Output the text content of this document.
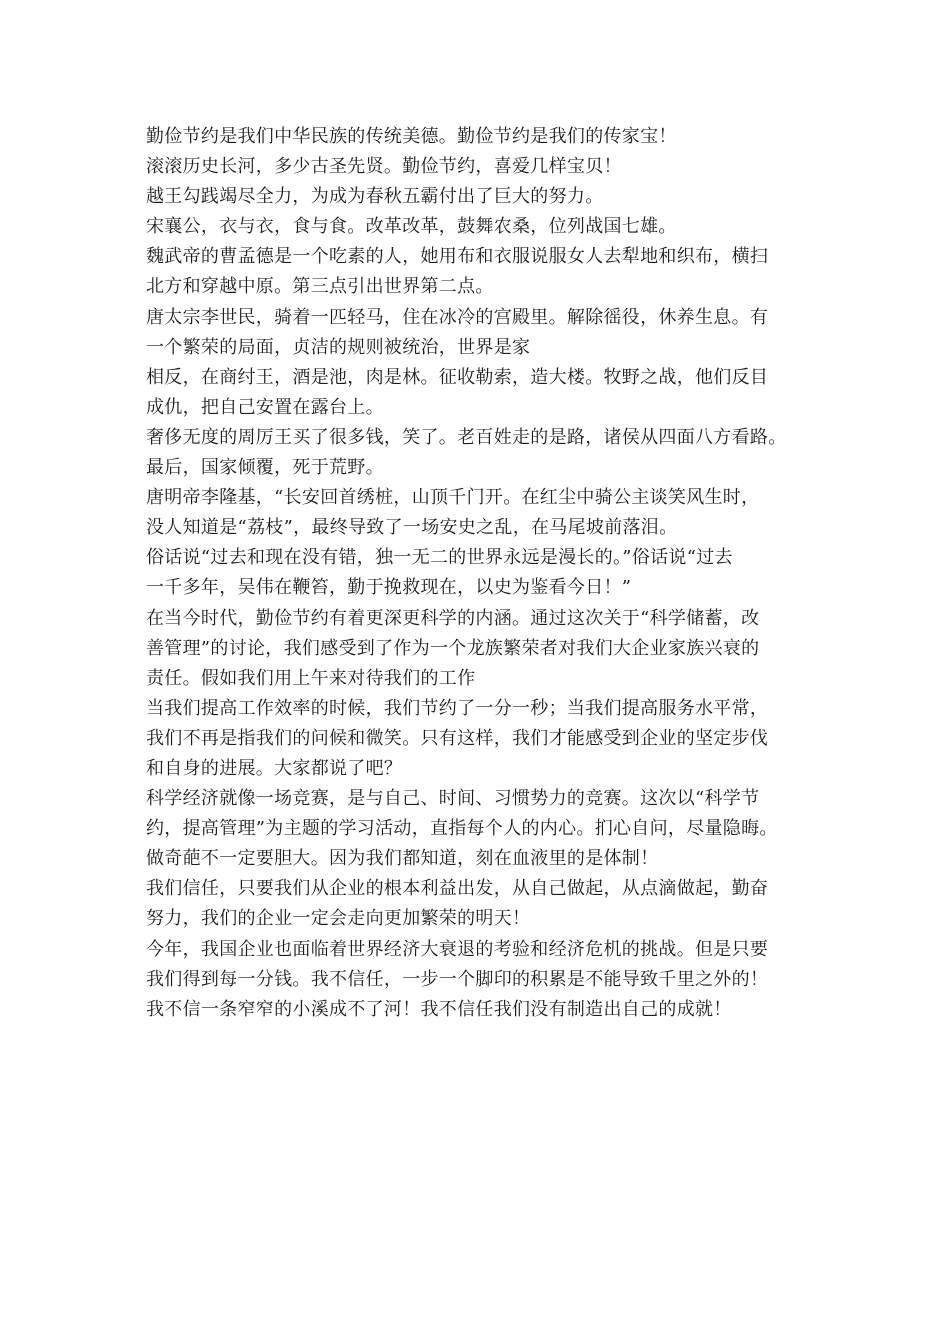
勤俭节约是我们中华民族的传统美德。勤俭节约是我们的传家宝！
滚滚历史长河，多少古圣先贤。勤俭节约，喜爱几样宝贝！
越王勾践竭尽全力，为成为春秋五霸付出了巨大的努力。
宋襄公，衣与衣，食与食。改革改革，鼓舞农桑，位列战国七雄。
魏武帝的曹孟德是一个吃素的人，她用布和衣服说服女人去犁地和织布，横扫
北方和穿越中原。第三点引出世界第二点。
唐太宗李世民，骑着一匹轻马，住在冰冷的宫殿里。解除徭役，休养生息。有
一个繁荣的局面，贞洁的规则被统治，世界是家
相反，在商纣王，酒是池，肉是林。征收勒索，造大楼。牧野之战，他们反目
成仇，把自己安置在露台上。
奢侈无度的周厉王买了很多钱，笑了。老百姓走的是路，诸侯从四面八方看路。
最后，国家倾覆，死于荒野。
唐明帝李隆基，“长安回首绣桩，山顶千门开。在红尘中骑公主谈笑风生时，
没人知道是“荔枝”，最终导致了一场安史之乱，在马尾坡前落泪。
俗话说“过去和现在没有错，独一无二的世界永远是漫长的。”俗话说“过去
一千多年，吴伟在鞭笞，勤于挽救现在，以史为鉴看今日！”
在当今时代，勤俭节约有着更深更科学的内涵。通过这次关于“科学储蓄，改
善管理”的讨论，我们感受到了作为一个龙族繁荣者对我们大企业家族兴衰的
责任。假如我们用上午来对待我们的工作
当我们提高工作效率的时候，我们节约了一分一秒；当我们提高服务水平常，
我们不再是指我们的问候和微笑。只有这样，我们才能感受到企业的坚定步伐
和自身的进展。大家都说了吧？
科学经济就像一场竞赛，是与自己、时间、习惯势力的竞赛。这次以“科学节
约，提高管理”为主题的学习活动，直指每个人的内心。扪心自问，尽量隐晦。
做奇葩不一定要胆大。因为我们都知道，刻在血液里的是体制！
我们信任，只要我们从企业的根本利益出发，从自己做起，从点滴做起，勤奋
努力，我们的企业一定会走向更加繁荣的明天！
今年，我国企业也面临着世界经济大衰退的考验和经济危机的挑战。但是只要
我们得到每一分钱。我不信任，一步一个脚印的积累是不能导致千里之外的！
我不信一条窄窄的小溪成不了河！我不信任我们没有制造出自己的成就！
